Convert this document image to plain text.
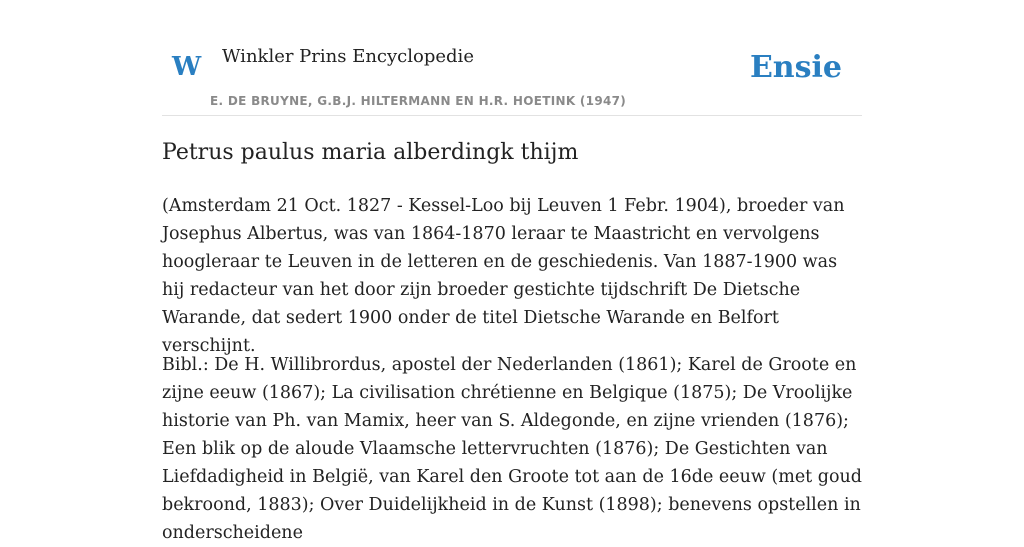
W Winkler Prins Encyclopedie
E. DE BRUYNE, G.B.J. HILTERMANN EN H.R. HOETINK (1947)
Ensie
Petrus paulus maria alberdingk thijm

(Amsterdam 21 Oct. 1827 - Kessel-Loo bij Leuven 1 Febr. 1904), broeder van Josephus Albertus, was van 1864-1870 leraar te Maastricht en vervolgens hoogleraar te Leuven in de letteren en de geschiedenis. Van 1887-1900 was hij redacteur van het door zijn broeder gestichte tijdschrift De Dietsche Warande, dat sedert 1900 onder de titel Dietsche Warande en Belfort verschijnt.

Bibl.: De H. Willibrordus, apostel der Nederlanden (1861); Karel de Groote en zijne eeuw (1867); La civilisation chrétienne en Belgique (1875); De Vroolijke historie van Ph. van Mamix, heer van S. Aldegonde, en zijne vrienden (1876); Een blik op de aloude Vlaamsche lettervruchten (1876); De Gestichten van Liefdadigheid in België, van Karel den Groote tot aan de 16de eeuw (met goud bekroond, 1883); Over Duidelijkheid in de Kunst (1898); benevens opstellen in onderscheidene
